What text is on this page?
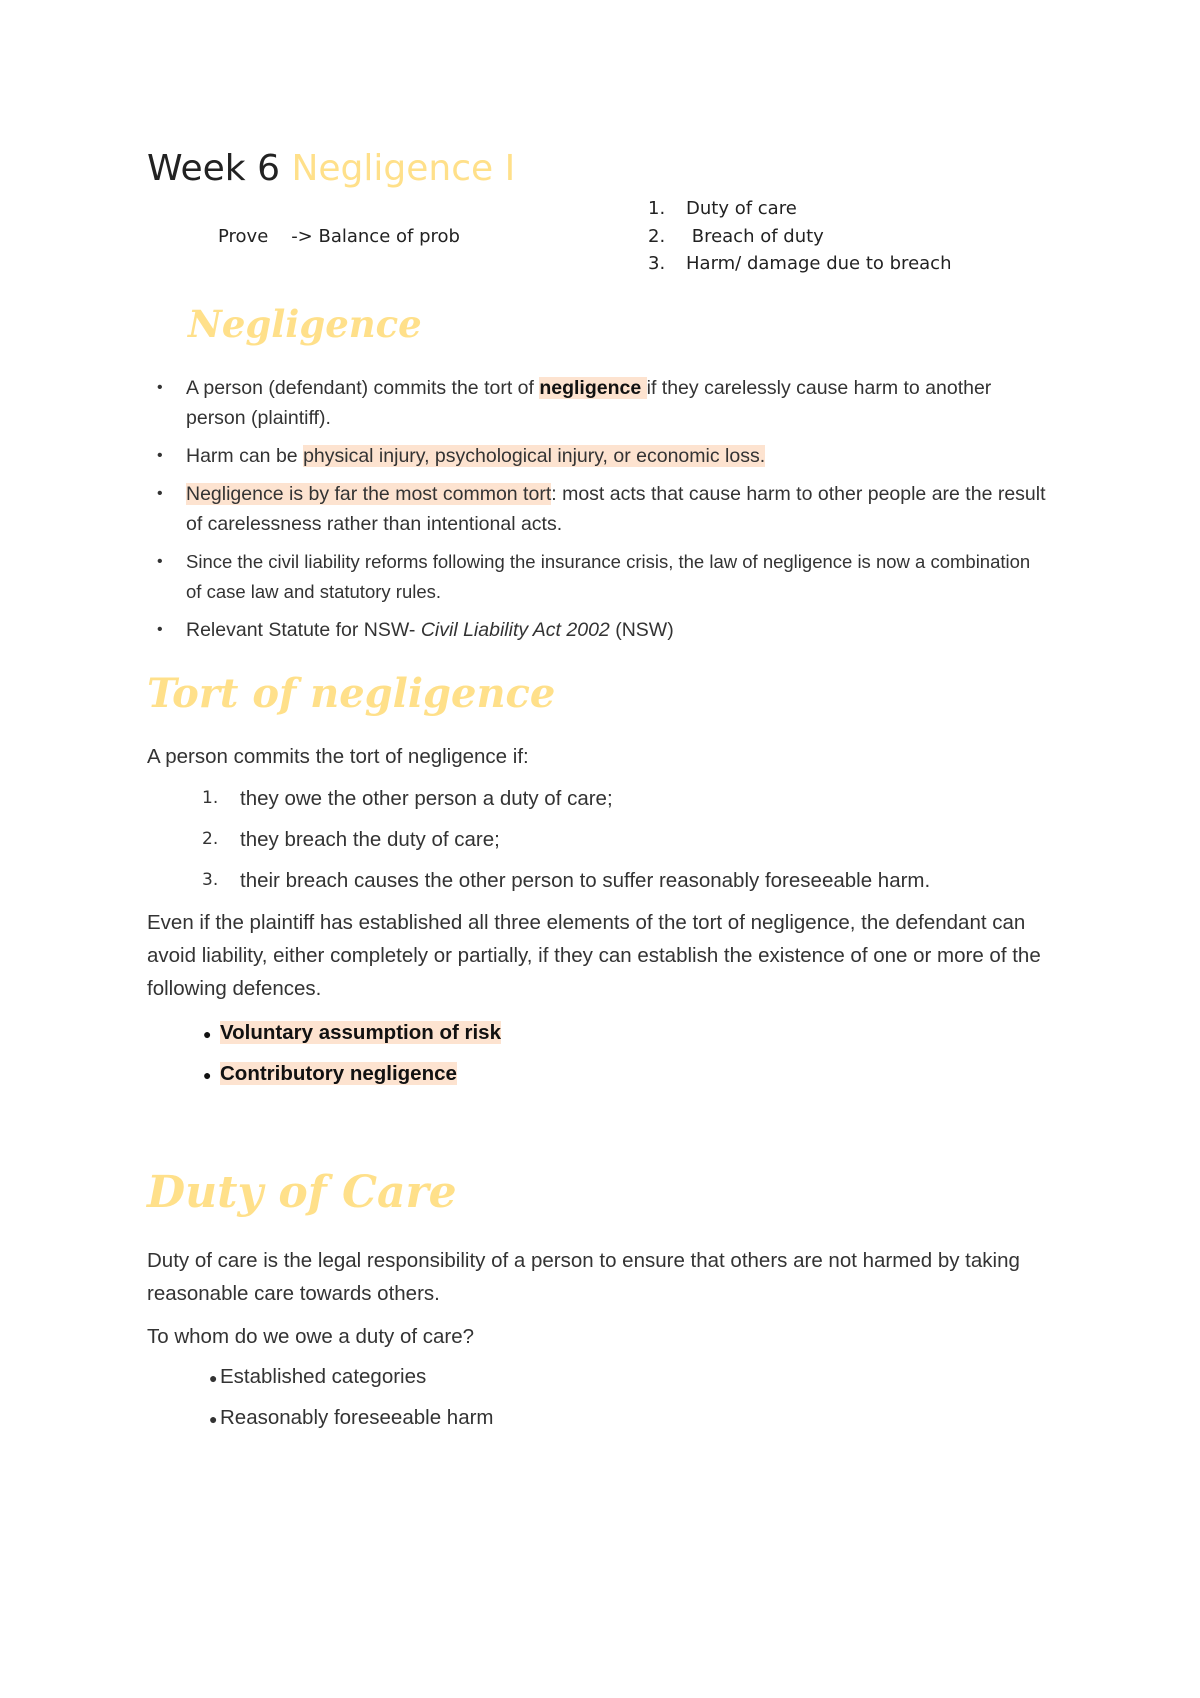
Week 6 Negligence I
Prove -> Balance of prob
1. Duty of care
2. Breach of duty
3. Harm/ damage due to breach
Negligence
• A person (defendant) commits the tort of negligence if they carelessly cause harm to another person (plaintiff).
• Harm can be physical injury, psychological injury, or economic loss.
• Negligence is by far the most common tort: most acts that cause harm to other people are the result of carelessness rather than intentional acts.
• Since the civil liability reforms following the insurance crisis, the law of negligence is now a combination of case law and statutory rules.
• Relevant Statute for NSW- Civil Liability Act 2002 (NSW)
Tort of negligence
A person commits the tort of negligence if:
1. they owe the other person a duty of care;
2. they breach the duty of care;
3. their breach causes the other person to suffer reasonably foreseeable harm.
Even if the plaintiff has established all three elements of the tort of negligence, the defendant can avoid liability, either completely or partially, if they can establish the existence of one or more of the following defences.
● Voluntary assumption of risk
● Contributory negligence
Duty of Care
Duty of care is the legal responsibility of a person to ensure that others are not harmed by taking reasonable care towards others.
To whom do we owe a duty of care?
● Established categories
● Reasonably foreseeable harm
